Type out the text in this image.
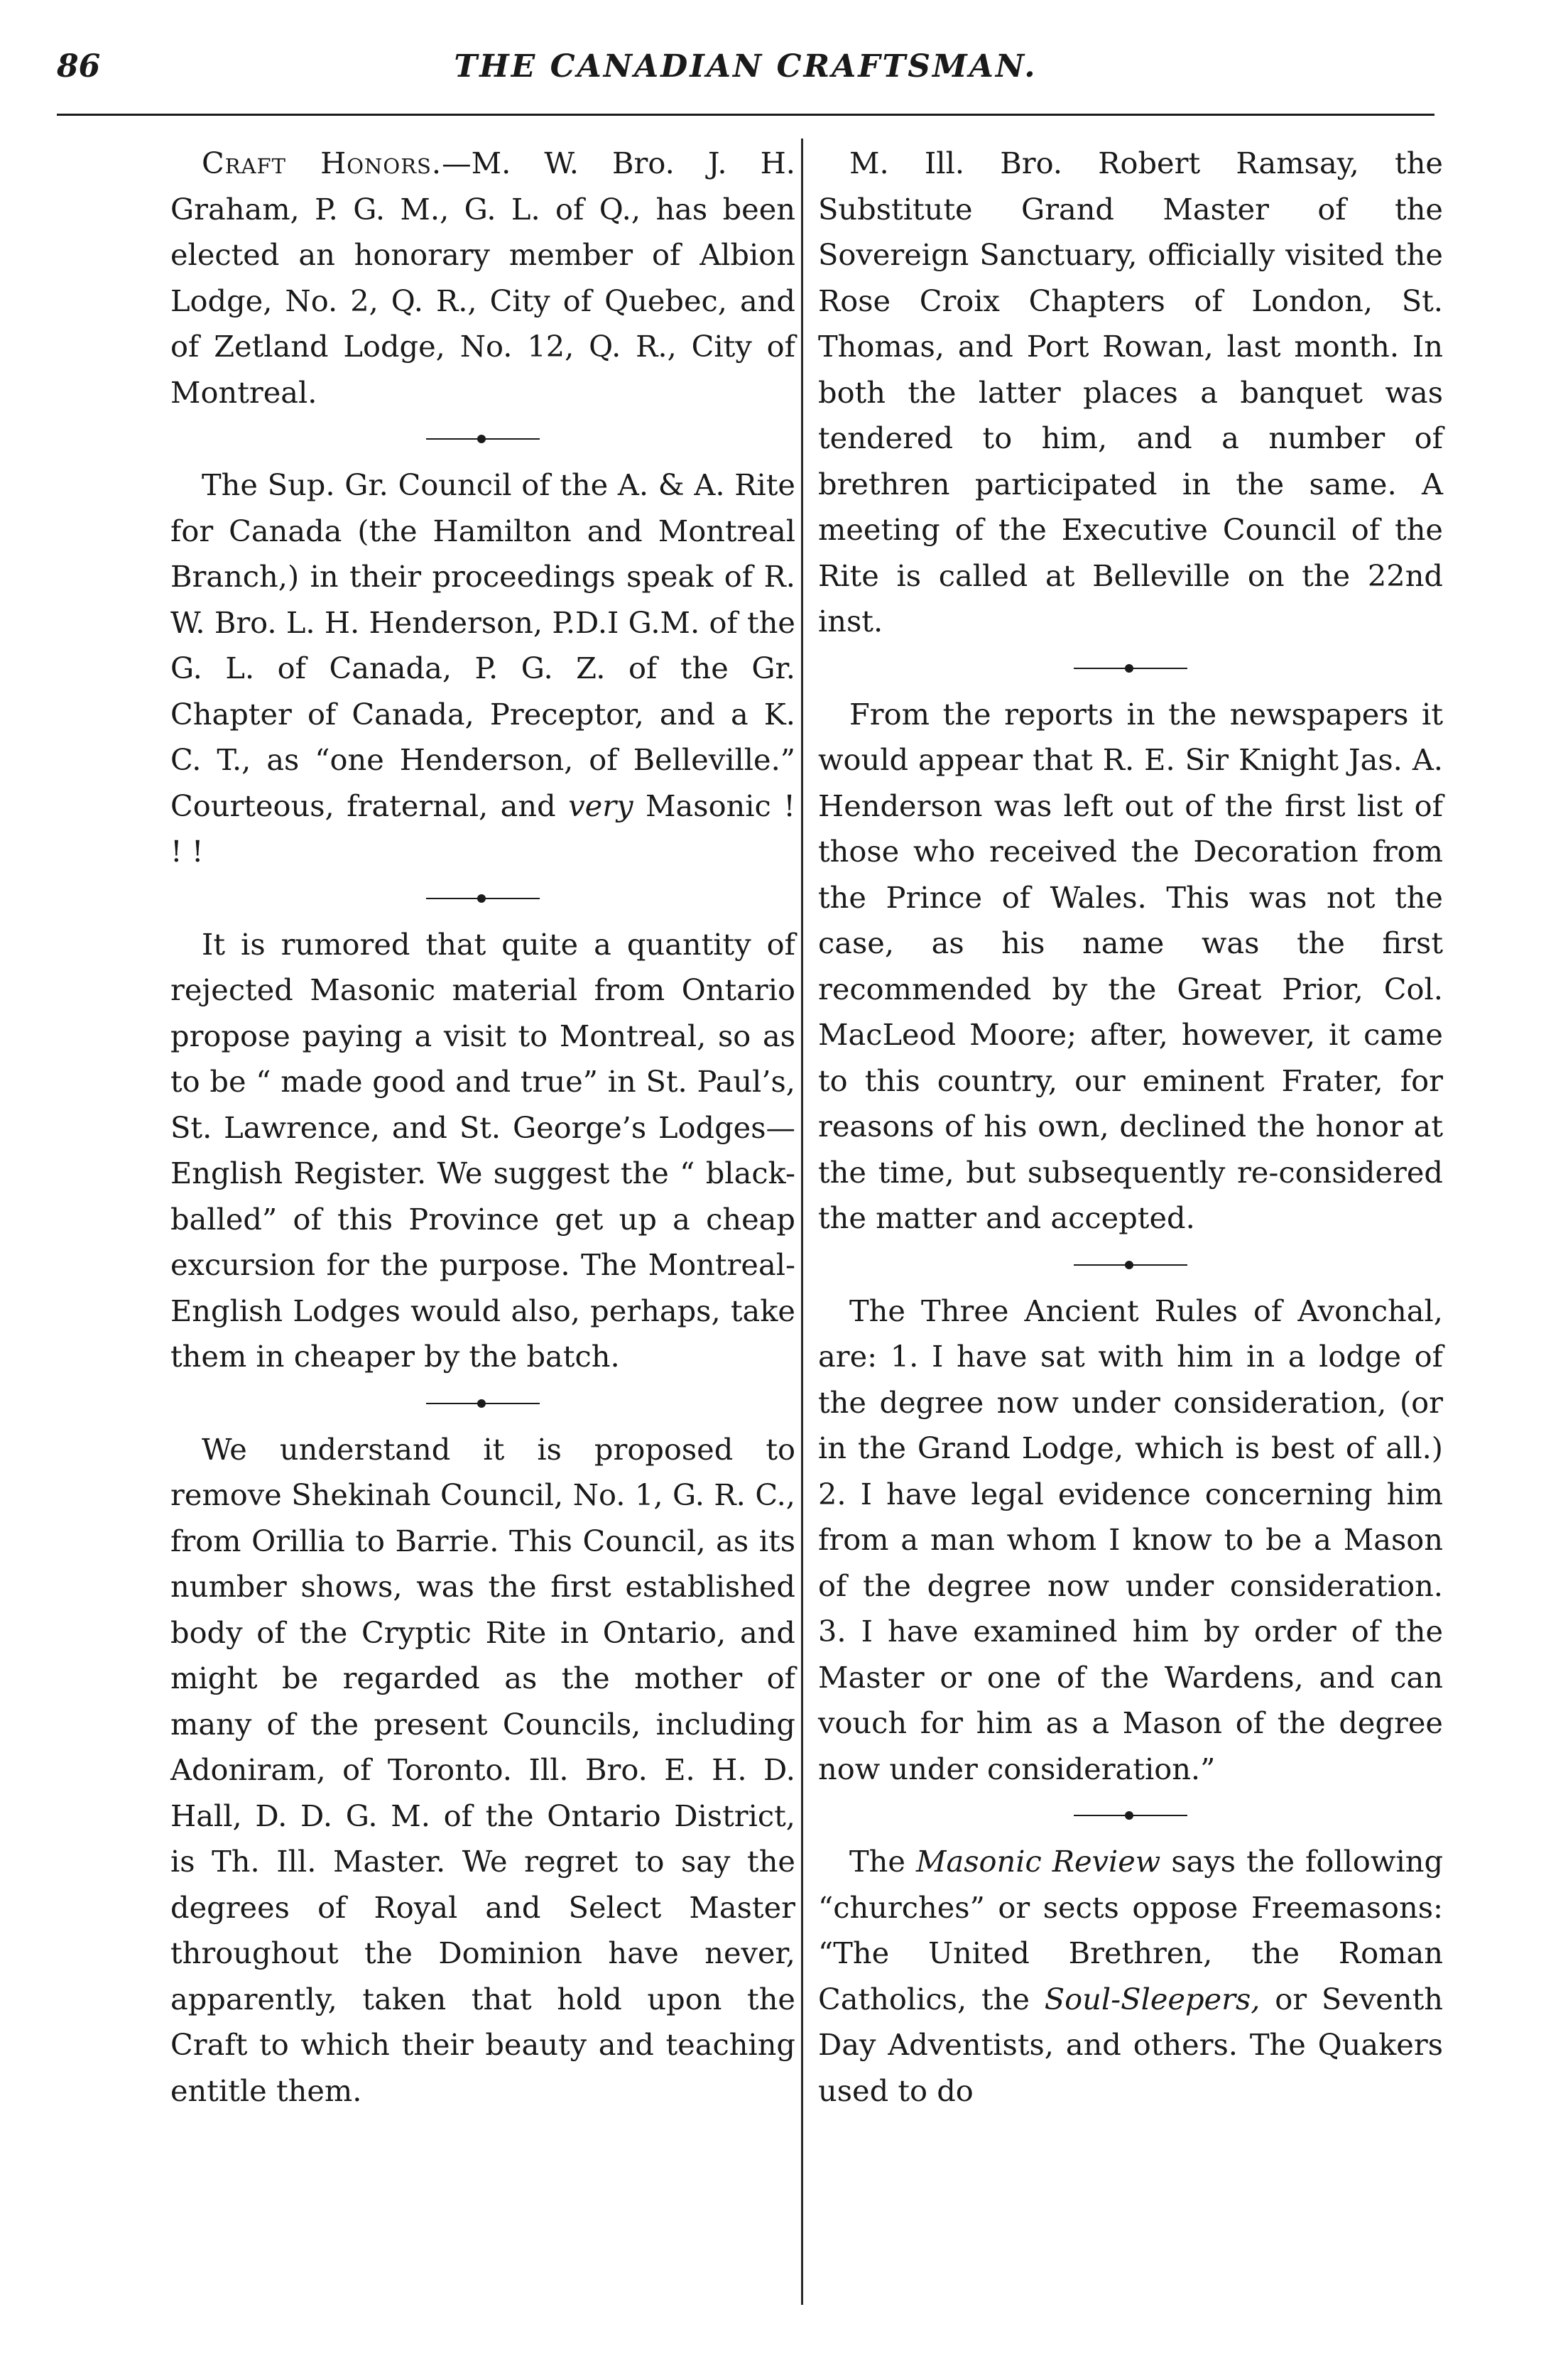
86	THE CANADIAN CRAFTSMAN.

Craft Honors.—M. W. Bro. J. H. Graham, P. G. M., G. L. of Q., has been elected an honorary member of Albion Lodge, No. 2, Q. R., City of Quebec, and of Zetland Lodge, No. 12, Q. R., City of Montreal.

The Sup. Gr. Council of the A. & A. Rite for Canada (the Hamilton and Montreal Branch,) in their proceedings speak of R. W. Bro. L. H. Henderson, P.D.I G.M. of the G. L. of Canada, P. G. Z. of the Gr. Chapter of Canada, Preceptor, and a K. C. T., as “one Henderson, of Belleville.” Courteous, fraternal, and very Masonic ! ! !

It is rumored that quite a quantity of rejected Masonic material from Ontario propose paying a visit to Montreal, so as to be “ made good and true” in St. Paul’s, St. Lawrence, and St. George’s Lodges—English Register. We suggest the “ black-balled” of this Province get up a cheap excursion for the purpose. The Montreal-English Lodges would also, perhaps, take them in cheaper by the batch.

We understand it is proposed to remove Shekinah Council, No. 1, G. R. C., from Orillia to Barrie. This Council, as its number shows, was the first established body of the Cryptic Rite in Ontario, and might be regarded as the mother of many of the present Councils, including Adoniram, of Toronto. Ill. Bro. E. H. D. Hall, D. D. G. M. of the Ontario District, is Th. Ill. Master. We regret to say the degrees of Royal and Select Master throughout the Dominion have never, apparently, taken that hold upon the Craft to which their beauty and teaching entitle them.

M. Ill. Bro. Robert Ramsay, the Substitute Grand Master of the Sovereign Sanctuary, officially visited the Rose Croix Chapters of London, St. Thomas, and Port Rowan, last month. In both the latter places a banquet was tendered to him, and a number of brethren participated in the same. A meeting of the Executive Council of the Rite is called at Belleville on the 22nd inst.

From the reports in the newspapers it would appear that R. E. Sir Knight Jas. A. Henderson was left out of the first list of those who received the Decoration from the Prince of Wales. This was not the case, as his name was the first recommended by the Great Prior, Col. MacLeod Moore; after, however, it came to this country, our eminent Frater, for reasons of his own, declined the honor at the time, but subsequently re-considered the matter and accepted.

The Three Ancient Rules of Avonchal, are: 1. I have sat with him in a lodge of the degree now under consideration, (or in the Grand Lodge, which is best of all.) 2. I have legal evidence concerning him from a man whom I know to be a Mason of the degree now under consideration. 3. I have examined him by order of the Master or one of the Wardens, and can vouch for him as a Mason of the degree now under consideration.”

The Masonic Review says the following “churches” or sects oppose Freemasons: “The United Brethren, the Roman Catholics, the Soul-Sleepers, or Seventh Day Adventists, and others. The Quakers used to do
